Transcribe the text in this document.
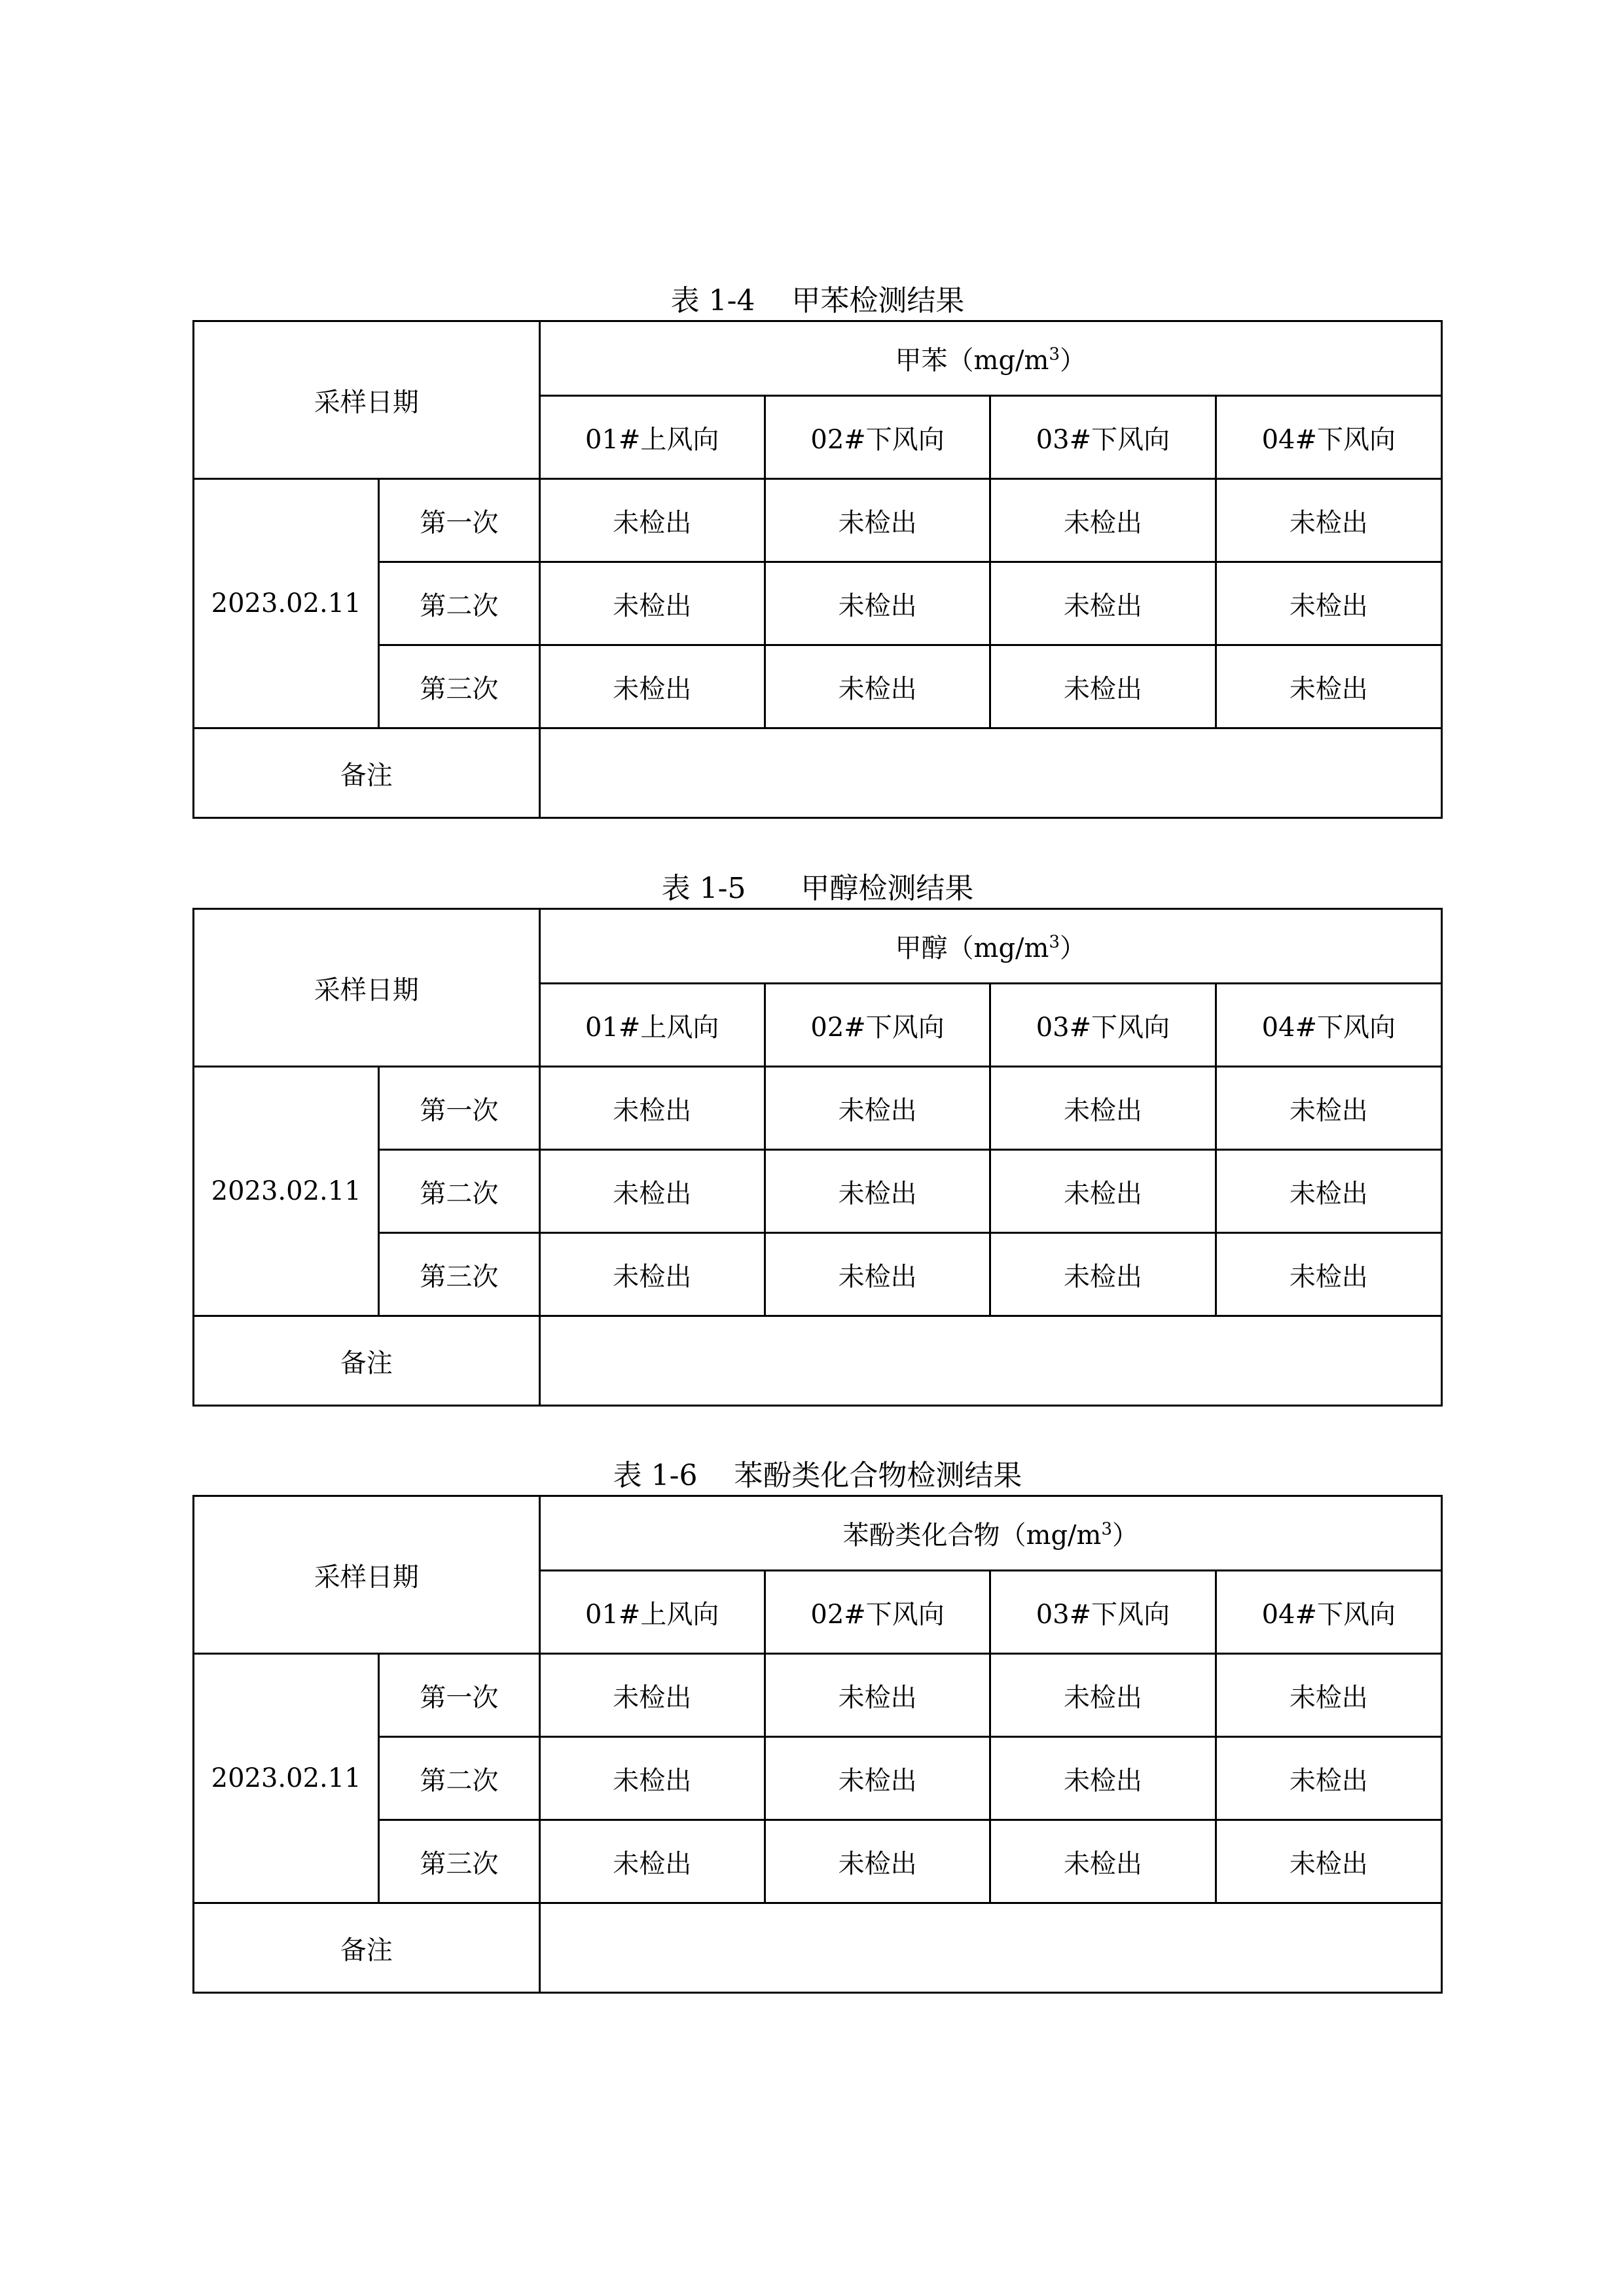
表 1-4    甲苯检测结果
采样日期		甲苯$(mg/m^3)$			
		01#上风向	02#下风向	03#下风向	04#下风向
2023.02.11	第一次	未检出	未检出	未检出	未检出
	第二次	未检出	未检出	未检出	未检出
	第三次	未检出	未检出	未检出	未检出
备注					
表 1-5      甲醇检测结果
采样日期		甲醇$(mg/m^3)$			
		01#上风向	02#下风向	03#下风向	04#下风向
2023.02.11	第一次	未检出	未检出	未检出	未检出
	第二次	未检出	未检出	未检出	未检出
	第三次	未检出	未检出	未检出	未检出
备注					
表 1-6    苯酚类化合物检测结果
采样日期		苯酚类化合物$(mg/m^3)$			
		01#上风向	02#下风向	03#下风向	04#下风向
2023.02.11	第一次	未检出	未检出	未检出	未检出
	第二次	未检出	未检出	未检出	未检出
	第三次	未检出	未检出	未检出	未检出
备注					
